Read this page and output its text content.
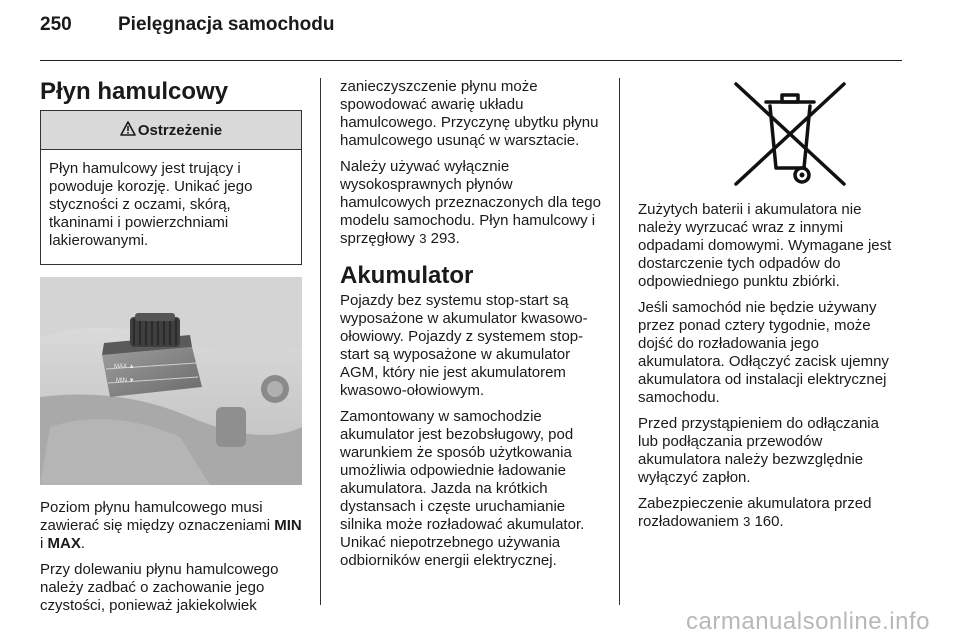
250	Pielęgnacja samochodu
Płyn hamulcowy
Ostrzeżenie

Płyn hamulcowy jest trujący i powoduje korozję. Unikać jego styczności z oczami, skórą, tkaninami i powierzchniami lakierowanymi.

MAX ▲
MIN ▼

Poziom płynu hamulcowego musi zawierać się między oznaczeniami MIN i MAX.

Przy dolewaniu płynu hamulcowego należy zadbać o zachowanie jego czystości, ponieważ jakiekolwiek

zanieczyszczenie płynu może spowodować awarię układu hamulcowego. Przyczynę ubytku płynu hamulcowego usunąć w warsztacie.

Należy używać wyłącznie wysokosprawnych płynów hamulcowych przeznaczonych dla tego modelu samochodu. Płyn hamulcowy i sprzęgłowy 3 293.

Akumulator

Pojazdy bez systemu stop-start są wyposażone w akumulator kwasowo-ołowiowy. Pojazdy z systemem stop-start są wyposażone w akumulator AGM, który nie jest akumulatorem kwasowo-ołowiowym.

Zamontowany w samochodzie akumulator jest bezobsługowy, pod warunkiem że sposób użytkowania umożliwia odpowiednie ładowanie akumulatora. Jazda na krótkich dystansach i częste uruchamianie silnika może rozładować akumulator. Unikać niepotrzebnego używania odbiorników energii elektrycznej.

Zużytych baterii i akumulatora nie należy wyrzucać wraz z innymi odpadami domowymi. Wymagane jest dostarczenie tych odpadów do odpowiedniego punktu zbiórki.

Jeśli samochód nie będzie używany przez ponad cztery tygodnie, może dojść do rozładowania jego akumulatora. Odłączyć zacisk ujemny akumulatora od instalacji elektrycznej samochodu.

Przed przystąpieniem do odłączania lub podłączania przewodów akumulatora należy bezwzględnie wyłączyć zapłon.

Zabezpieczenie akumulatora przed rozładowaniem 3 160.

carmanualsonline.info
